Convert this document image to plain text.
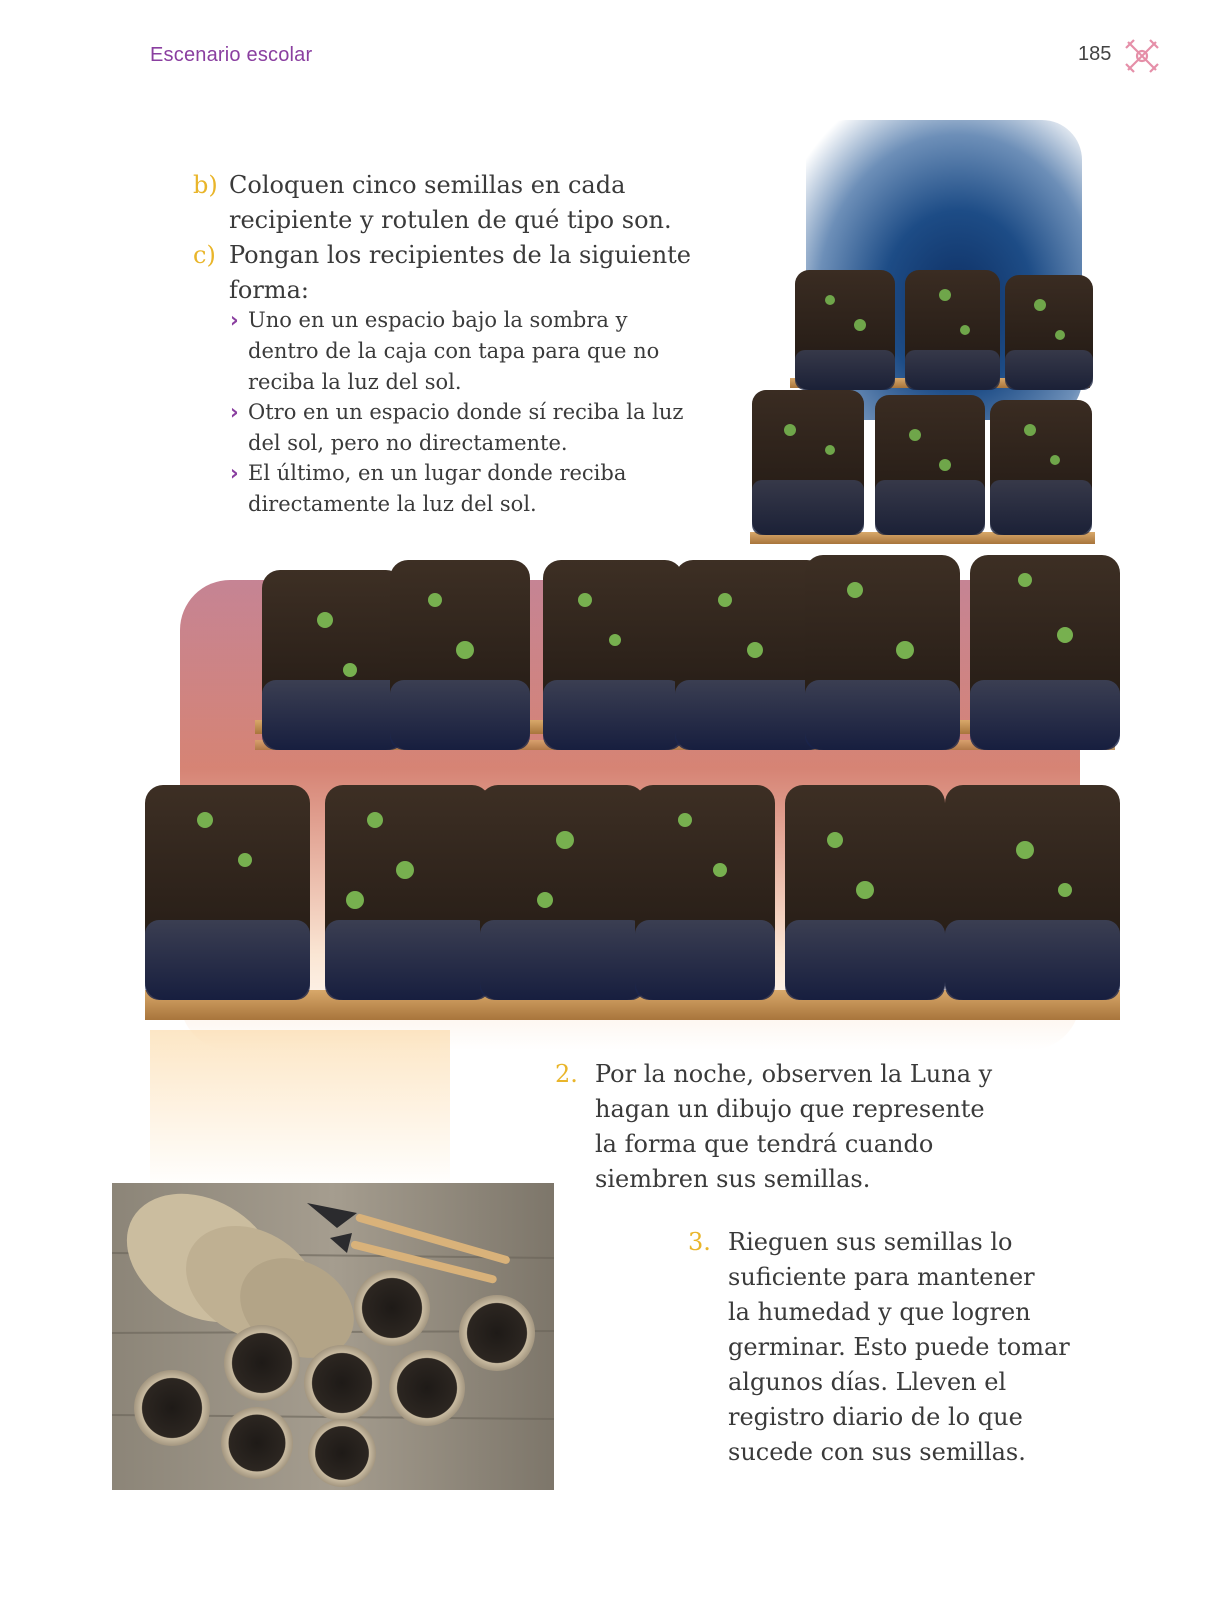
Escenario escolar	185
b) Coloquen cinco semillas en cada
recipiente y rotulen de qué tipo son.
c) Pongan los recipientes de la siguiente
forma:
› Uno en un espacio bajo la sombra y
dentro de la caja con tapa para que no
reciba la luz del sol.
› Otro en un espacio donde sí reciba la luz
del sol, pero no directamente.
› El último, en un lugar donde reciba
directamente la luz del sol.
2. Por la noche, observen la Luna y
hagan un dibujo que represente
la forma que tendrá cuando
siembren sus semillas.
3. Rieguen sus semillas lo
suficiente para mantener
la humedad y que logren
germinar. Esto puede tomar
algunos días. Lleven el
registro diario de lo que
sucede con sus semillas.
